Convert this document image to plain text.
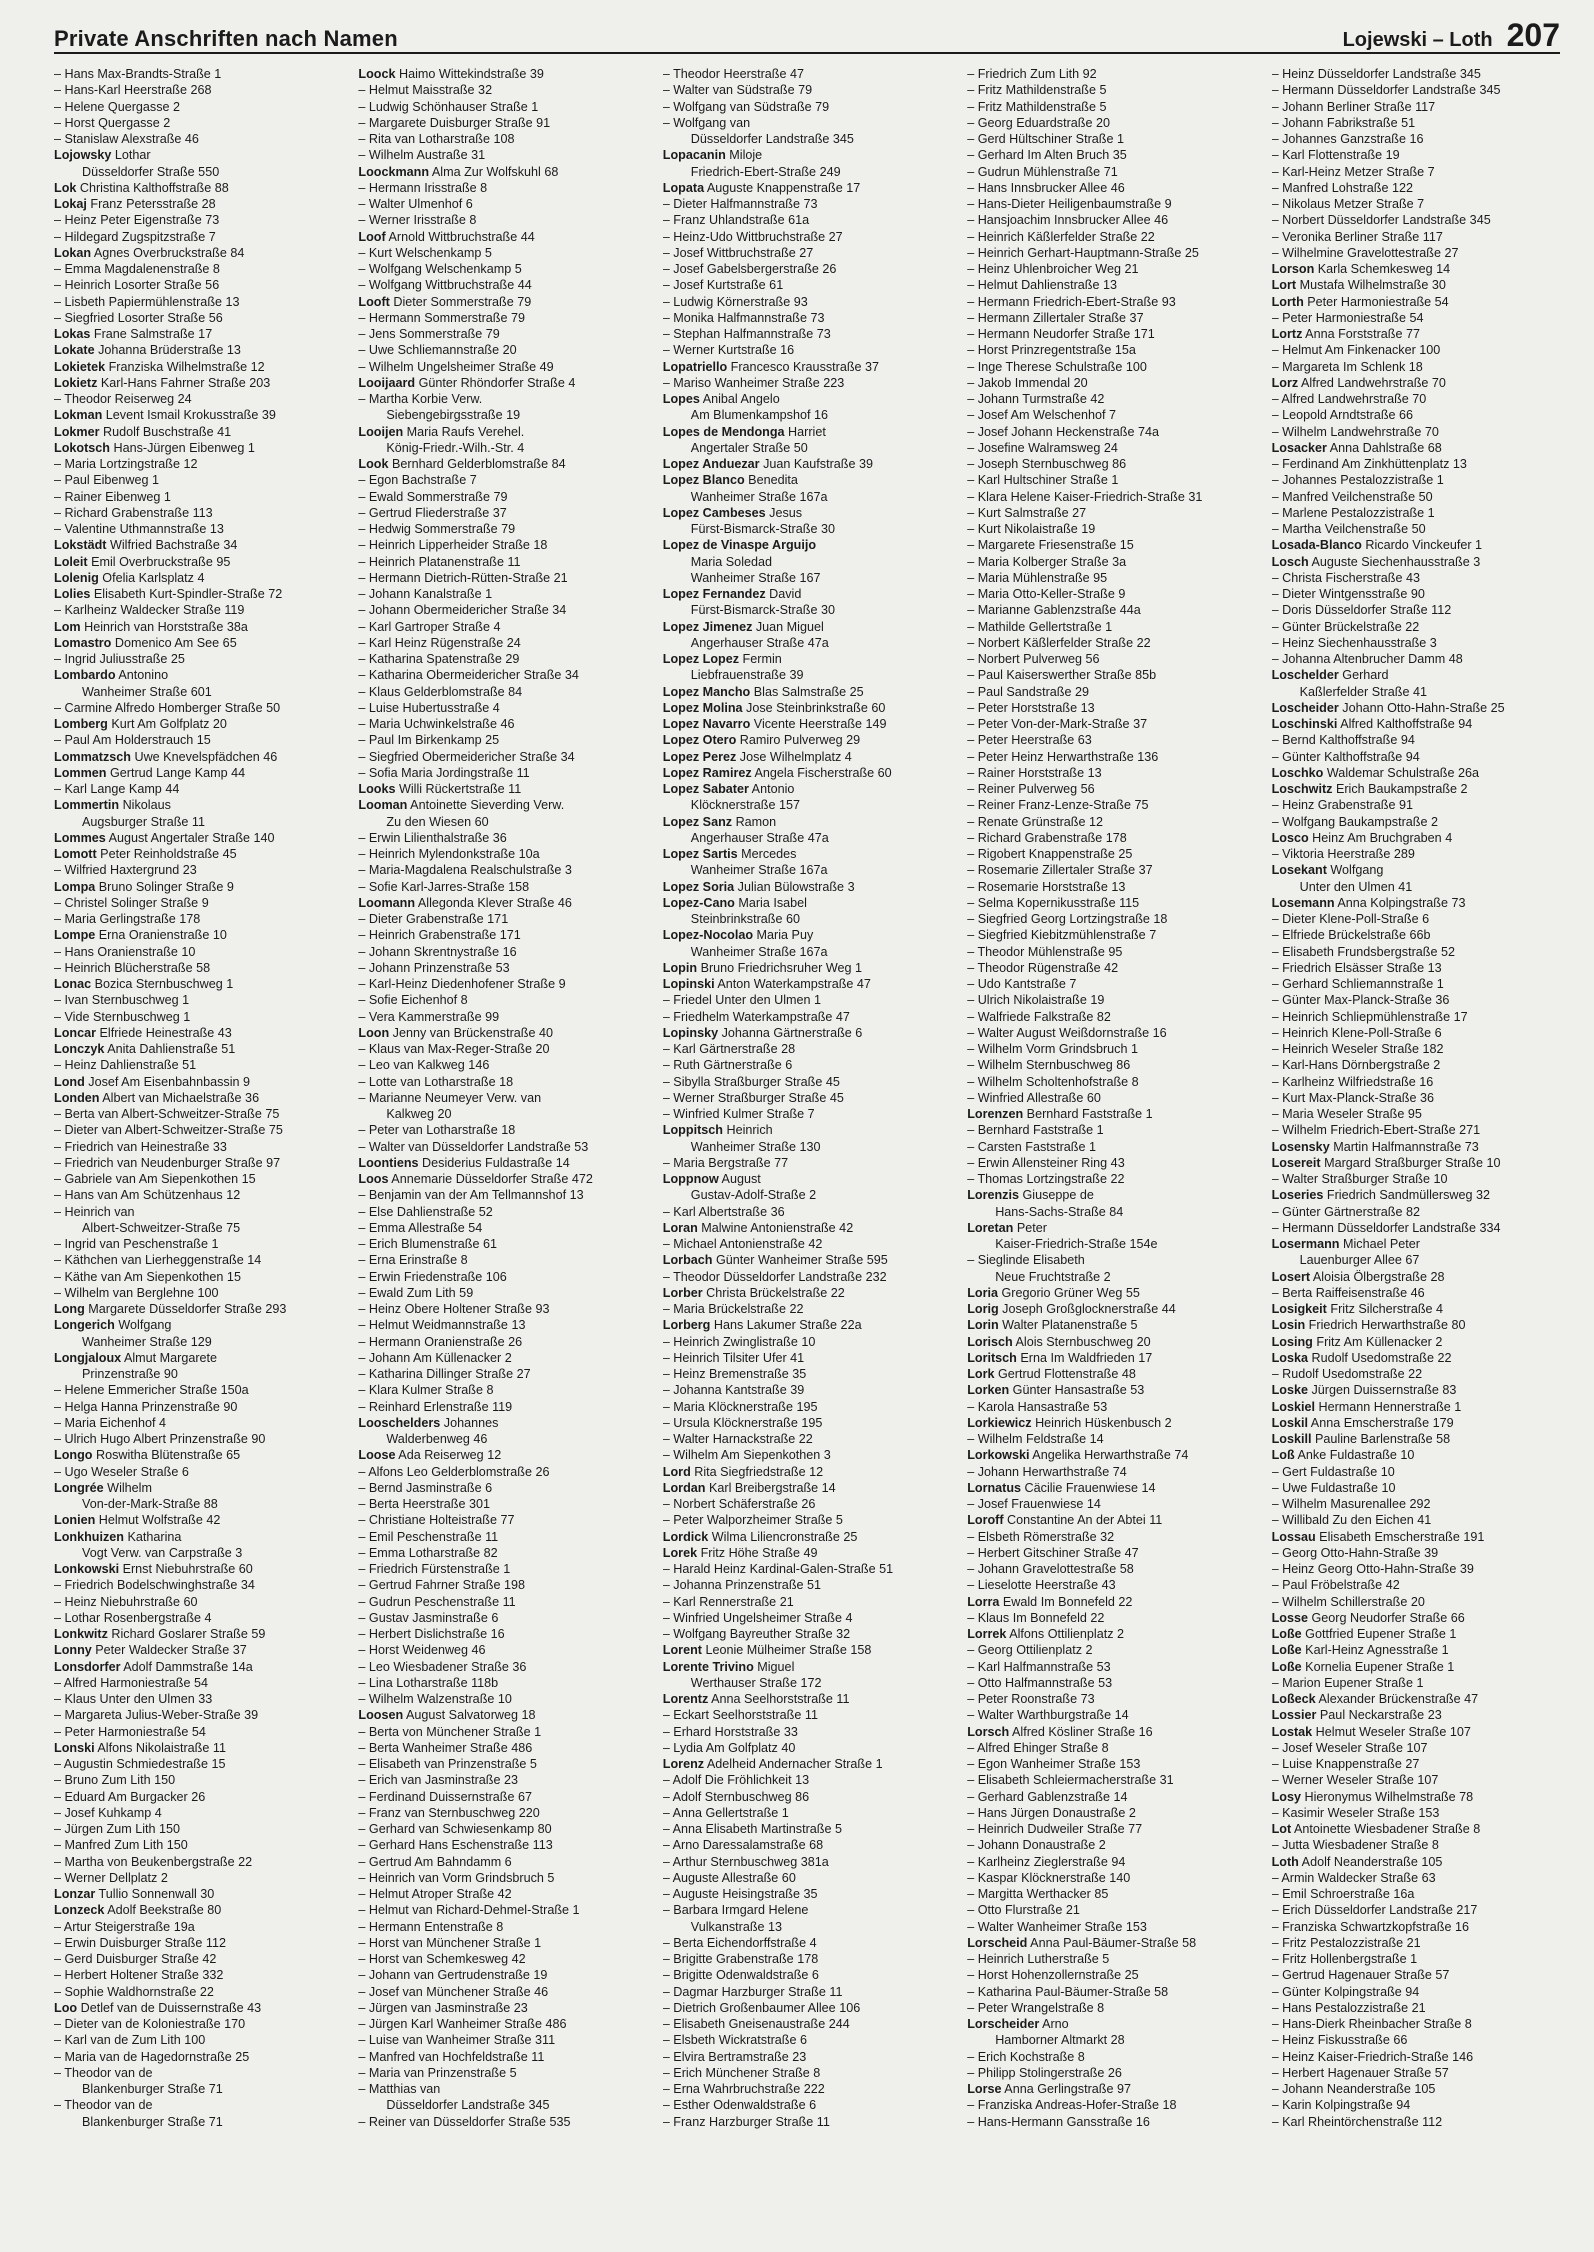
Private Anschriften nach Namen	Lojewski – Loth 207
– Hans Max-Brandts-Straße 1
– Hans-Karl Heerstraße 268
– Helene Quergasse 2
– Horst Quergasse 2
– Stanislaw Alexstraße 46
Lojowsky Lothar
Düsseldorfer Straße 550
Lok Christina Kalthoffstraße 88
Lokaj Franz Petersstraße 28
– Heinz Peter Eigenstraße 73
– Hildegard Zugspitzstraße 7
Lokan Agnes Overbruckstraße 84
– Emma Magdalenenstraße 8
– Heinrich Losorter Straße 56
– Lisbeth Papiermühlenstraße 13
– Siegfried Losorter Straße 56
Lokas Frane Salmstraße 17
Lokate Johanna Brüderstraße 13
Lokietek Franziska Wilhelmstraße 12
Lokietz Karl-Hans Fahrner Straße 203
– Theodor Reiserweg 24
Lokman Levent Ismail Krokusstraße 39
Lokmer Rudolf Buschstraße 41
Lokotsch Hans-Jürgen Eibenweg 1
– Maria Lortzingstraße 12
– Paul Eibenweg 1
– Rainer Eibenweg 1
– Richard Grabenstraße 113
– Valentine Uthmannstraße 13
Lokstädt Wilfried Bachstraße 34
Loleit Emil Overbruckstraße 95
Lolenig Ofelia Karlsplatz 4
Lolies Elisabeth Kurt-Spindler-Straße 72
– Karlheinz Waldecker Straße 119
Lom Heinrich van Horststraße 38a
Lomastro Domenico Am See 65
– Ingrid Juliusstraße 25
Lombardo Antonino
Wanheimer Straße 601
– Carmine Alfredo Homberger Straße 50
Lomberg Kurt Am Golfplatz 20
– Paul Am Holderstrauch 15
Lommatzsch Uwe Knevelspfädchen 46
Lommen Gertrud Lange Kamp 44
– Karl Lange Kamp 44
Lommertin Nikolaus
Augsburger Straße 11
Lommes August Angertaler Straße 140
Lomott Peter Reinholdstraße 45
– Wilfried Haxtergrund 23
Lompa Bruno Solinger Straße 9
– Christel Solinger Straße 9
– Maria Gerlingstraße 178
Lompe Erna Oranienstraße 10
– Hans Oranienstraße 10
– Heinrich Blücherstraße 58
Lonac Bozica Sternbuschweg 1
– Ivan Sternbuschweg 1
– Vide Sternbuschweg 1
Loncar Elfriede Heinestraße 43
Lonczyk Anita Dahlienstraße 51
– Heinz Dahlienstraße 51
Lond Josef Am Eisenbahnbassin 9
Londen Albert van Michaelstraße 36
– Berta van Albert-Schweitzer-Straße 75
– Dieter van Albert-Schweitzer-Straße 75
– Friedrich van Heinestraße 33
– Friedrich van Neudenburger Straße 97
– Gabriele van Am Siepenkothen 15
– Hans van Am Schützenhaus 12
– Heinrich van
Albert-Schweitzer-Straße 75
– Ingrid van Peschenstraße 1
– Käthchen van Lierheggenstraße 14
– Käthe van Am Siepenkothen 15
– Wilhelm van Berglehne 100
Long Margarete Düsseldorfer Straße 293
Longerich Wolfgang
Wanheimer Straße 129
Longjaloux Almut Margarete
Prinzenstraße 90
– Helene Emmericher Straße 150a
– Helga Hanna Prinzenstraße 90
– Maria Eichenhof 4
– Ulrich Hugo Albert Prinzenstraße 90
Longo Roswitha Blütenstraße 65
– Ugo Weseler Straße 6
Longrée Wilhelm
Von-der-Mark-Straße 88
Lonien Helmut Wolfstraße 42
Lonkhuizen Katharina
Vogt Verw. van Carpstraße 3
Lonkowski Ernst Niebuhrstraße 60
– Friedrich Bodelschwinghstraße 34
– Heinz Niebuhrstraße 60
– Lothar Rosenbergstraße 4
Lonkwitz Richard Goslarer Straße 59
Lonny Peter Waldecker Straße 37
Lonsdorfer Adolf Dammstraße 14a
– Alfred Harmoniestraße 54
– Klaus Unter den Ulmen 33
– Margareta Julius-Weber-Straße 39
– Peter Harmoniestraße 54
Lonski Alfons Nikolaistraße 11
– Augustin Schmiedestraße 15
– Bruno Zum Lith 150
– Eduard Am Burgacker 26
– Josef Kuhkamp 4
– Jürgen Zum Lith 150
– Manfred Zum Lith 150
– Martha von Beukenbergstraße 22
– Werner Dellplatz 2
Lonzar Tullio Sonnenwall 30
Lonzeck Adolf Beekstraße 80
– Artur Steigerstraße 19a
– Erwin Duisburger Straße 112
– Gerd Duisburger Straße 42
– Herbert Holtener Straße 332
– Sophie Waldhornstraße 22
Loo Detlef van de Duissernstraße 43
– Dieter van de Koloniestraße 170
– Karl van de Zum Lith 100
– Maria van de Hagedornstraße 25
– Theodor van de
Blankenburger Straße 71
– Theodor van de
Blankenburger Straße 71
Loock Haimo Wittekindstraße 39
– Helmut Maisstraße 32
– Ludwig Schönhauser Straße 1
– Margarete Duisburger Straße 91
– Rita van Lotharstraße 108
– Wilhelm Austraße 31
Loockmann Alma Zur Wolfskuhl 68
– Hermann Irisstraße 8
– Walter Ulmenhof 6
– Werner Irisstraße 8
Loof Arnold Wittbruchstraße 44
– Kurt Welschenkamp 5
– Wolfgang Welschenkamp 5
– Wolfgang Wittbruchstraße 44
Looft Dieter Sommerstraße 79
– Hermann Sommerstraße 79
– Jens Sommerstraße 79
– Uwe Schliemannstraße 20
– Wilhelm Ungelsheimer Straße 49
Looijaard Günter Rhöndorfer Straße 4
– Martha Korbie Verw.
Siebengebirgsstraße 19
Looijen Maria Raufs Verehel.
König-Friedr.-Wilh.-Str. 4
Look Bernhard Gelderblomstraße 84
– Egon Bachstraße 7
– Ewald Sommerstraße 79
– Gertrud Fliederstraße 37
– Hedwig Sommerstraße 79
– Heinrich Lipperheider Straße 18
– Heinrich Platanenstraße 11
– Hermann Dietrich-Rütten-Straße 21
– Johann Kanalstraße 1
– Johann Obermeidericher Straße 34
– Karl Gartroper Straße 4
– Karl Heinz Rügenstraße 24
– Katharina Spatenstraße 29
– Katharina Obermeidericher Straße 34
– Klaus Gelderblomstraße 84
– Luise Hubertusstraße 4
– Maria Uchwinkelstraße 46
– Paul Im Birkenkamp 25
– Siegfried Obermeidericher Straße 34
– Sofia Maria Jordingstraße 11
Looks Willi Rückertstraße 11
Looman Antoinette Sieverding Verw.
Zu den Wiesen 60
– Erwin Lilienthalstraße 36
– Heinrich Mylendonkstraße 10a
– Maria-Magdalena Realschulstraße 3
– Sofie Karl-Jarres-Straße 158
Loomann Allegonda Klever Straße 46
– Dieter Grabenstraße 171
– Heinrich Grabenstraße 171
– Johann Skrentnystraße 16
– Johann Prinzenstraße 53
– Karl-Heinz Diedenhofener Straße 9
– Sofie Eichenhof 8
– Vera Kammerstraße 99
Loon Jenny van Brückenstraße 40
– Klaus van Max-Reger-Straße 20
– Leo van Kalkweg 146
– Lotte van Lotharstraße 18
– Marianne Neumeyer Verw. van
Kalkweg 20
– Peter van Lotharstraße 18
– Walter van Düsseldorfer Landstraße 53
Loontiens Desiderius Fuldastraße 14
Loos Annemarie Düsseldorfer Straße 472
– Benjamin van der Am Tellmannshof 13
– Else Dahlienstraße 52
– Emma Allestraße 54
– Erich Blumenstraße 61
– Erna Erinstraße 8
– Erwin Friedenstraße 106
– Ewald Zum Lith 59
– Heinz Obere Holtener Straße 93
– Helmut Weidmannstraße 13
– Hermann Oranienstraße 26
– Johann Am Küllenacker 2
– Katharina Dillinger Straße 27
– Klara Kulmer Straße 8
– Reinhard Erlenstraße 119
Looschelders Johannes
Walderbenweg 46
Loose Ada Reiserweg 12
– Alfons Leo Gelderblomstraße 26
– Bernd Jasminstraße 6
– Berta Heerstraße 301
– Christiane Holteistraße 77
– Emil Peschenstraße 11
– Emma Lotharstraße 82
– Friedrich Fürstenstraße 1
– Gertrud Fahrner Straße 198
– Gudrun Peschenstraße 11
– Gustav Jasminstraße 6
– Herbert Dislichstraße 16
– Horst Weidenweg 46
– Leo Wiesbadener Straße 36
– Lina Lotharstraße 118b
– Wilhelm Walzenstraße 10
Loosen August Salvatorweg 18
– Berta von Münchener Straße 1
– Berta Wanheimer Straße 486
– Elisabeth van Prinzenstraße 5
– Erich van Jasminstraße 23
– Ferdinand Duissernstraße 67
– Franz van Sternbuschweg 220
– Gerhard van Schwiesenkamp 80
– Gerhard Hans Eschenstraße 113
– Gertrud Am Bahndamm 6
– Heinrich van Vorm Grindsbruch 5
– Helmut Atroper Straße 42
– Helmut van Richard-Dehmel-Straße 1
– Hermann Entenstraße 8
– Horst van Münchener Straße 1
– Horst van Schemkesweg 42
– Johann van Gertrudenstraße 19
– Josef van Münchener Straße 46
– Jürgen van Jasminstraße 23
– Jürgen Karl Wanheimer Straße 486
– Luise van Wanheimer Straße 311
– Manfred van Hochfeldstraße 11
– Maria van Prinzenstraße 5
– Matthias van
Düsseldorfer Landstraße 345
– Reiner van Düsseldorfer Straße 535
– Theodor Heerstraße 47
– Walter van Südstraße 79
– Wolfgang van Südstraße 79
– Wolfgang van
Düsseldorfer Landstraße 345
Lopacanin Miloje
Friedrich-Ebert-Straße 249
Lopata Auguste Knappenstraße 17
– Dieter Halfmannstraße 73
– Franz Uhlandstraße 61a
– Heinz-Udo Wittbruchstraße 27
– Josef Wittbruchstraße 27
– Josef Gabelsbergerstraße 26
– Josef Kurtstraße 61
– Ludwig Körnerstraße 93
– Monika Halfmannstraße 73
– Stephan Halfmannstraße 73
– Werner Kurtstraße 16
Lopatriello Francesco Krausstraße 37
– Mariso Wanheimer Straße 223
Lopes Anibal Angelo
Am Blumenkampshof 16
Lopes de Mendonga Harriet
Angertaler Straße 50
Lopez Anduezar Juan Kaufstraße 39
Lopez Blanco Benedita
Wanheimer Straße 167a
Lopez Cambeses Jesus
Fürst-Bismarck-Straße 30
Lopez de Vinaspe Arguijo
Maria Soledad
Wanheimer Straße 167
Lopez Fernandez David
Fürst-Bismarck-Straße 30
Lopez Jimenez Juan Miguel
Angerhauser Straße 47a
Lopez Lopez Fermin
Liebfrauenstraße 39
Lopez Mancho Blas Salmstraße 25
Lopez Molina Jose Steinbrinkstraße 60
Lopez Navarro Vicente Heerstraße 149
Lopez Otero Ramiro Pulverweg 29
Lopez Perez Jose Wilhelmplatz 4
Lopez Ramirez Angela Fischerstraße 60
Lopez Sabater Antonio
Klöcknerstraße 157
Lopez Sanz Ramon
Angerhauser Straße 47a
Lopez Sartis Mercedes
Wanheimer Straße 167a
Lopez Soria Julian Bülowstraße 3
Lopez-Cano Maria Isabel
Steinbrinkstraße 60
Lopez-Nocolao Maria Puy
Wanheimer Straße 167a
Lopin Bruno Friedrichsruher Weg 1
Lopinski Anton Waterkampstraße 47
– Friedel Unter den Ulmen 1
– Friedhelm Waterkampstraße 47
Lopinsky Johanna Gärtnerstraße 6
– Karl Gärtnerstraße 28
– Ruth Gärtnerstraße 6
– Sibylla Straßburger Straße 45
– Werner Straßburger Straße 45
– Winfried Kulmer Straße 7
Loppitsch Heinrich
Wanheimer Straße 130
– Maria Bergstraße 77
Loppnow August
Gustav-Adolf-Straße 2
– Karl Albertstraße 36
Loran Malwine Antonienstraße 42
– Michael Antonienstraße 42
Lorbach Günter Wanheimer Straße 595
– Theodor Düsseldorfer Landstraße 232
Lorber Christa Brückelstraße 22
– Maria Brückelstraße 22
Lorberg Hans Lakumer Straße 22a
– Heinrich Zwinglistraße 10
– Heinrich Tilsiter Ufer 41
– Heinz Bremenstraße 35
– Johanna Kantstraße 39
– Maria Klöcknerstraße 195
– Ursula Klöcknerstraße 195
– Walter Harnackstraße 22
– Wilhelm Am Siepenkothen 3
Lord Rita Siegfriedstraße 12
Lordan Karl Breibergstraße 14
– Norbert Schäferstraße 26
– Peter Walporzheimer Straße 5
Lordick Wilma Liliencronstraße 25
Lorek Fritz Höhe Straße 49
– Harald Heinz Kardinal-Galen-Straße 51
– Johanna Prinzenstraße 51
– Karl Rennerstraße 21
– Winfried Ungelsheimer Straße 4
– Wolfgang Bayreuther Straße 32
Lorent Leonie Mülheimer Straße 158
Lorente Trivino Miguel
Werthauser Straße 172
Lorentz Anna Seelhorststraße 11
– Eckart Seelhorststraße 11
– Erhard Horststraße 33
– Lydia Am Golfplatz 40
Lorenz Adelheid Andernacher Straße 1
– Adolf Die Fröhlichkeit 13
– Adolf Sternbuschweg 86
– Anna Gellertstraße 1
– Anna Elisabeth Martinstraße 5
– Arno Daressalamstraße 68
– Arthur Sternbuschweg 381a
– Auguste Allestraße 60
– Auguste Heisingstraße 35
– Barbara Irmgard Helene
Vulkanstraße 13
– Berta Eichendorffstraße 4
– Brigitte Grabenstraße 178
– Brigitte Odenwaldstraße 6
– Dagmar Harzburger Straße 11
– Dietrich Großenbaumer Allee 106
– Elisabeth Gneisenaustraße 244
– Elsbeth Wickratstraße 6
– Elvira Bertramstraße 23
– Erich Münchener Straße 8
– Erna Wahrbruchstraße 222
– Esther Odenwaldstraße 6
– Franz Harzburger Straße 11
– Friedrich Zum Lith 92
– Fritz Mathildenstraße 5
– Fritz Mathildenstraße 5
– Georg Eduardstraße 20
– Gerd Hültschiner Straße 1
– Gerhard Im Alten Bruch 35
– Gudrun Mühlenstraße 71
– Hans Innsbrucker Allee 46
– Hans-Dieter Heiligenbaumstraße 9
– Hansjoachim Innsbrucker Allee 46
– Heinrich Käßlerfelder Straße 22
– Heinrich Gerhart-Hauptmann-Straße 25
– Heinz Uhlenbroicher Weg 21
– Helmut Dahlienstraße 13
– Hermann Friedrich-Ebert-Straße 93
– Hermann Zillertaler Straße 37
– Hermann Neudorfer Straße 171
– Horst Prinzregentstraße 15a
– Inge Therese Schulstraße 100
– Jakob Immendal 20
– Johann Turmstraße 42
– Josef Am Welschenhof 7
– Josef Johann Heckenstraße 74a
– Josefine Walramsweg 24
– Joseph Sternbuschweg 86
– Karl Hultschiner Straße 1
– Klara Helene Kaiser-Friedrich-Straße 31
– Kurt Salmstraße 27
– Kurt Nikolaistraße 19
– Margarete Friesenstraße 15
– Maria Kolberger Straße 3a
– Maria Mühlenstraße 95
– Maria Otto-Keller-Straße 9
– Marianne Gablenzstraße 44a
– Mathilde Gellertstraße 1
– Norbert Käßlerfelder Straße 22
– Norbert Pulverweg 56
– Paul Kaiserswerther Straße 85b
– Paul Sandstraße 29
– Peter Horststraße 13
– Peter Von-der-Mark-Straße 37
– Peter Heerstraße 63
– Peter Heinz Herwarthstraße 136
– Rainer Horststraße 13
– Reiner Pulverweg 56
– Reiner Franz-Lenze-Straße 75
– Renate Grünstraße 12
– Richard Grabenstraße 178
– Rigobert Knappenstraße 25
– Rosemarie Zillertaler Straße 37
– Rosemarie Horststraße 13
– Selma Kopernikusstraße 115
– Siegfried Georg Lortzingstraße 18
– Siegfried Kiebitzmühlenstraße 7
– Theodor Mühlenstraße 95
– Theodor Rügenstraße 42
– Udo Kantstraße 7
– Ulrich Nikolaistraße 19
– Walfriede Falkstraße 82
– Walter August Weißdornstraße 16
– Wilhelm Vorm Grindsbruch 1
– Wilhelm Sternbuschweg 86
– Wilhelm Scholtenhofstraße 8
– Winfried Allestraße 60
Lorenzen Bernhard Faststraße 1
– Bernhard Faststraße 1
– Carsten Faststraße 1
– Erwin Allensteiner Ring 43
– Thomas Lortzingstraße 22
Lorenzis Giuseppe de
Hans-Sachs-Straße 84
Loretan Peter
Kaiser-Friedrich-Straße 154e
– Sieglinde Elisabeth
Neue Fruchtstraße 2
Loria Gregorio Grüner Weg 55
Lorig Joseph Großglocknerstraße 44
Lorin Walter Platanenstraße 5
Lorisch Alois Sternbuschweg 20
Loritsch Erna Im Waldfrieden 17
Lork Gertrud Flottenstraße 48
Lorken Günter Hansastraße 53
– Karola Hansastraße 53
Lorkiewicz Heinrich Hüskenbusch 2
– Wilhelm Feldstraße 14
Lorkowski Angelika Herwarthstraße 74
– Johann Herwarthstraße 74
Lornatus Cäcilie Frauenwiese 14
– Josef Frauenwiese 14
Loroff Constantine An der Abtei 11
– Elsbeth Römerstraße 32
– Herbert Gitschiner Straße 47
– Johann Gravelottestraße 58
– Lieselotte Heerstraße 43
Lorra Ewald Im Bonnefeld 22
– Klaus Im Bonnefeld 22
Lorrek Alfons Ottilienplatz 2
– Georg Ottilienplatz 2
– Karl Halfmannstraße 53
– Otto Halfmannstraße 53
– Peter Roonstraße 73
– Walter Warthburgstraße 14
Lorsch Alfred Kösliner Straße 16
– Alfred Ehinger Straße 8
– Egon Wanheimer Straße 153
– Elisabeth Schleiermacherstraße 31
– Gerhard Gablenzstraße 14
– Hans Jürgen Donaustraße 2
– Heinrich Dudweiler Straße 77
– Johann Donaustraße 2
– Karlheinz Zieglerstraße 94
– Kaspar Klöcknerstraße 140
– Margitta Werthacker 85
– Otto Flurstraße 21
– Walter Wanheimer Straße 153
Lorscheid Anna Paul-Bäumer-Straße 58
– Heinrich Lutherstraße 5
– Horst Hohenzollernstraße 25
– Katharina Paul-Bäumer-Straße 58
– Peter Wrangelstraße 8
Lorscheider Arno
Hamborner Altmarkt 28
– Erich Kochstraße 8
– Philipp Stolingerstraße 26
Lorse Anna Gerlingstraße 97
– Franziska Andreas-Hofer-Straße 18
– Hans-Hermann Gansstraße 16
– Heinz Düsseldorfer Landstraße 345
– Hermann Düsseldorfer Landstraße 345
– Johann Berliner Straße 117
– Johann Fabrikstraße 51
– Johannes Ganzstraße 16
– Karl Flottenstraße 19
– Karl-Heinz Metzer Straße 7
– Manfred Lohstraße 122
– Nikolaus Metzer Straße 7
– Norbert Düsseldorfer Landstraße 345
– Veronika Berliner Straße 117
– Wilhelmine Gravelottestraße 27
Lorson Karla Schemkesweg 14
Lort Mustafa Wilhelmstraße 30
Lorth Peter Harmoniestraße 54
– Peter Harmoniestraße 54
Lortz Anna Forststraße 77
– Helmut Am Finkenacker 100
– Margareta Im Schlenk 18
Lorz Alfred Landwehrstraße 70
– Alfred Landwehrstraße 70
– Leopold Arndtstraße 66
– Wilhelm Landwehrstraße 70
Losacker Anna Dahlstraße 68
– Ferdinand Am Zinkhüttenplatz 13
– Johannes Pestalozzistraße 1
– Manfred Veilchenstraße 50
– Marlene Pestalozzistraße 1
– Martha Veilchenstraße 50
Losada-Blanco Ricardo Vinckeufer 1
Losch Auguste Siechenhausstraße 3
– Christa Fischerstraße 43
– Dieter Wintgensstraße 90
– Doris Düsseldorfer Straße 112
– Günter Brückelstraße 22
– Heinz Siechenhausstraße 3
– Johanna Altenbrucher Damm 48
Loschelder Gerhard
Kaßlerfelder Straße 41
Loscheider Johann Otto-Hahn-Straße 25
Loschinski Alfred Kalthoffstraße 94
– Bernd Kalthoffstraße 94
– Günter Kalthoffstraße 94
Loschko Waldemar Schulstraße 26a
Loschwitz Erich Baukampstraße 2
– Heinz Grabenstraße 91
– Wolfgang Baukampstraße 2
Losco Heinz Am Bruchgraben 4
– Viktoria Heerstraße 289
Losekant Wolfgang
Unter den Ulmen 41
Losemann Anna Kolpingstraße 73
– Dieter Klene-Poll-Straße 6
– Elfriede Brückelstraße 66b
– Elisabeth Frundsbergstraße 52
– Friedrich Elsässer Straße 13
– Gerhard Schliemannstraße 1
– Günter Max-Planck-Straße 36
– Heinrich Schliepmühlenstraße 17
– Heinrich Klene-Poll-Straße 6
– Heinrich Weseler Straße 182
– Karl-Hans Dörnbergstraße 2
– Karlheinz Wilfriedstraße 16
– Kurt Max-Planck-Straße 36
– Maria Weseler Straße 95
– Wilhelm Friedrich-Ebert-Straße 271
Losensky Martin Halfmannstraße 73
Losereit Margard Straßburger Straße 10
– Walter Straßburger Straße 10
Loseries Friedrich Sandmüllersweg 32
– Günter Gärtnerstraße 82
– Hermann Düsseldorfer Landstraße 334
Losermann Michael Peter
Lauenburger Allee 67
Losert Aloisia Ölbergstraße 28
– Berta Raiffeisenstraße 46
Losigkeit Fritz Silcherstraße 4
Losin Friedrich Herwarthstraße 80
Losing Fritz Am Küllenacker 2
Loska Rudolf Usedomstraße 22
– Rudolf Usedomstraße 22
Loske Jürgen Duissernstraße 83
Loskiel Hermann Hennerstraße 1
Loskil Anna Emscherstraße 179
Loskill Pauline Barlenstraße 58
Loß Anke Fuldastraße 10
– Gert Fuldastraße 10
– Uwe Fuldastraße 10
– Wilhelm Masurenallee 292
– Willibald Zu den Eichen 41
Lossau Elisabeth Emscherstraße 191
– Georg Otto-Hahn-Straße 39
– Heinz Georg Otto-Hahn-Straße 39
– Paul Fröbelstraße 42
– Wilhelm Schillerstraße 20
Losse Georg Neudorfer Straße 66
Loße Gottfried Eupener Straße 1
Loße Karl-Heinz Agnesstraße 1
Loße Kornelia Eupener Straße 1
– Marion Eupener Straße 1
Loßeck Alexander Brückenstraße 47
Lossier Paul Neckarstraße 23
Lostak Helmut Weseler Straße 107
– Josef Weseler Straße 107
– Luise Knappenstraße 27
– Werner Weseler Straße 107
Losy Hieronymus Wilhelmstraße 78
– Kasimir Weseler Straße 153
Lot Antoinette Wiesbadener Straße 8
– Jutta Wiesbadener Straße 8
Loth Adolf Neanderstraße 105
– Armin Waldecker Straße 63
– Emil Schroerstraße 16a
– Erich Düsseldorfer Landstraße 217
– Franziska Schwartzkopfstraße 16
– Fritz Pestalozzistraße 21
– Fritz Hollenbergstraße 1
– Gertrud Hagenauer Straße 57
– Günter Kolpingstraße 94
– Hans Pestalozzistraße 21
– Hans-Dierk Rheinbacher Straße 8
– Heinz Fiskusstraße 66
– Heinz Kaiser-Friedrich-Straße 146
– Herbert Hagenauer Straße 57
– Johann Neanderstraße 105
– Karin Kolpingstraße 94
– Karl Rheintörchenstraße 112
